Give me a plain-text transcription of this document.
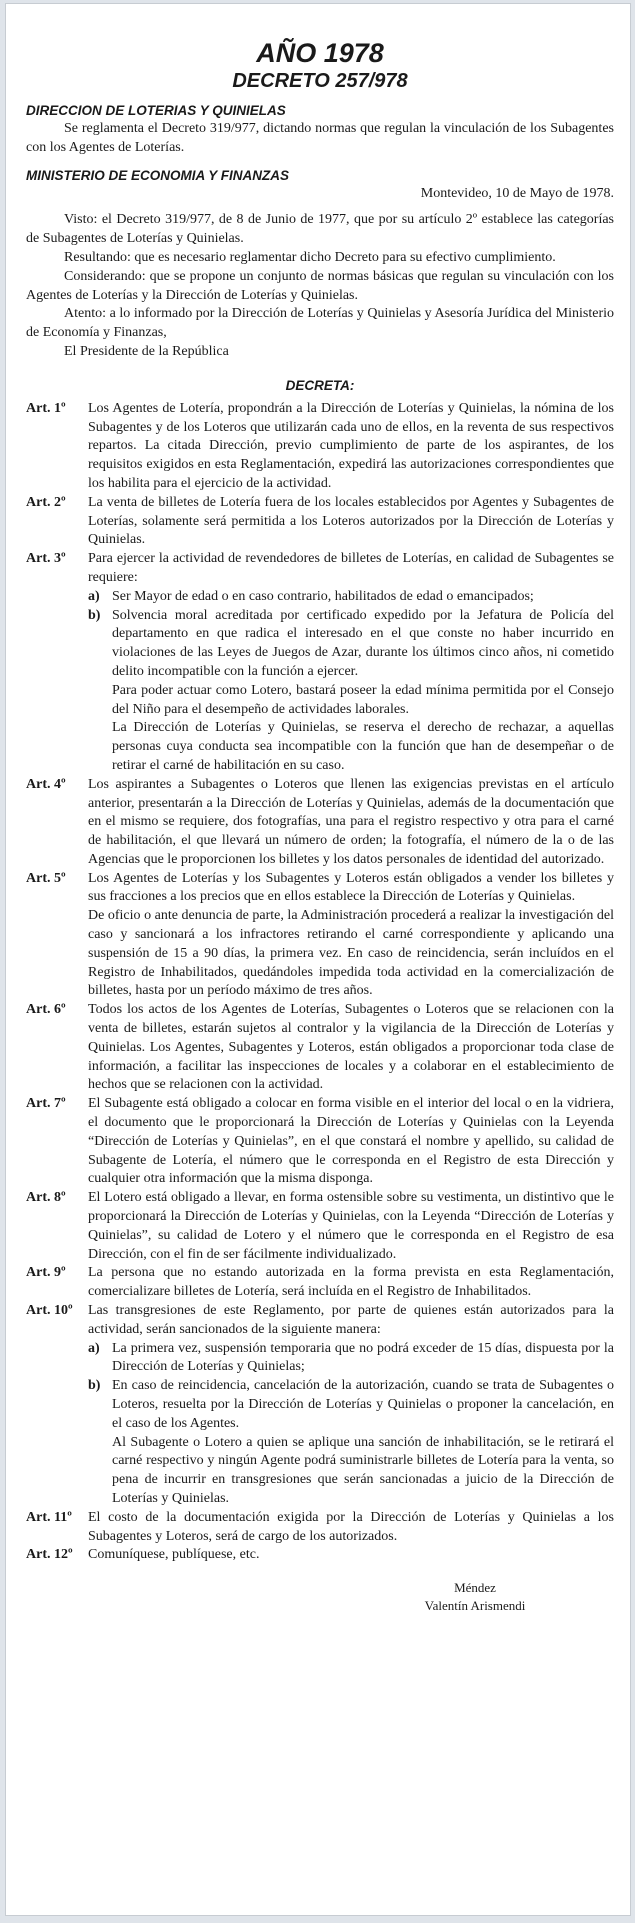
AÑO 1978
DECRETO 257/978
DIRECCION DE LOTERIAS Y QUINIELAS

Se reglamenta el Decreto 319/977, dictando normas que regulan la vinculación de los Subagentes con los Agentes de Loterías.

MINISTERIO DE ECONOMIA Y FINANZAS

Montevideo, 10 de Mayo de 1978.

Visto: el Decreto 319/977, de 8 de Junio de 1977, que por su artículo 2º establece las categorías de Subagentes de Loterías y Quinielas.

Resultando: que es necesario reglamentar dicho Decreto para su efectivo cumplimiento.

Considerando: que se propone un conjunto de normas básicas que regulan su vinculación con los Agentes de Loterías y la Dirección de Loterías y Quinielas.

Atento: a lo informado por la Dirección de Loterías y Quinielas y Asesoría Jurídica del Ministerio de Economía y Finanzas,

El Presidente de la República

DECRETA:
Art. 1º	Los Agentes de Lotería, propondrán a la Dirección de Loterías y Quinielas, la nómina de los Subagentes y de los Loteros que utilizarán cada uno de ellos, en la reventa de sus respectivos repartos. La citada Dirección, previo cumplimiento de parte de los aspirantes, de los requisitos exigidos en esta Reglamentación, expedirá las autorizaciones correspondientes que los habilita para el ejercicio de la actividad.

Art. 2º	La venta de billetes de Lotería fuera de los locales establecidos por Agentes y Subagentes de Loterías, solamente será permitida a los Loteros autorizados por la Dirección de Loterías y Quinielas.

Art. 3º	Para ejercer la actividad de revendedores de billetes de Loterías, en calidad de Subagentes se requiere:

a) Ser Mayor de edad o en caso contrario, habilitados de edad o emancipados;

b) Solvencia moral acreditada por certificado expedido por la Jefatura de Policía del departamento en que radica el interesado en el que conste no haber incurrido en violaciones de las Leyes de Juegos de Azar, durante los últimos cinco años, ni cometido delito incompatible con la función a ejercer.

Para poder actuar como Lotero, bastará poseer la edad mínima permitida por el Consejo del Niño para el desempeño de actividades laborales.

La Dirección de Loterías y Quinielas, se reserva el derecho de rechazar, a aquellas personas cuya conducta sea incompatible con la función que han de desempeñar o de retirar el carné de habilitación en su caso.

Art. 4º	Los aspirantes a Subagentes o Loteros que llenen las exigencias previstas en el artículo anterior, presentarán a la Dirección de Loterías y Quinielas, además de la documentación que en el mismo se requiere, dos fotografías, una para el registro respectivo y otra para el carné de habilitación, el que llevará un número de orden; la fotografía, el número de la o de las Agencias que le proporcionen los billetes y los datos personales de identidad del autorizado.

Art. 5º	Los Agentes de Loterías y los Subagentes y Loteros están obligados a vender los billetes y sus fracciones a los precios que en ellos establece la Dirección de Loterías y Quinielas.

De oficio o ante denuncia de parte, la Administración procederá a realizar la investigación del caso y sancionará a los infractores retirando el carné correspondiente y aplicando una suspensión de 15 a 90 días, la primera vez. En caso de reincidencia, serán incluídos en el Registro de Inhabilitados, quedándoles impedida toda actividad en la comercialización de billetes, hasta por un período máximo de tres años.

Art. 6º	Todos los actos de los Agentes de Loterías, Subagentes o Loteros que se relacionen con la venta de billetes, estarán sujetos al contralor y la vigilancia de la Dirección de Loterías y Quinielas. Los Agentes, Subagentes y Loteros, están obligados a proporcionar toda clase de información, a facilitar las inspecciones de locales y a colaborar en el establecimiento de hechos que se relacionen con la actividad.

Art. 7º	El Subagente está obligado a colocar en forma visible en el interior del local o en la vidriera, el documento que le proporcionará la Dirección de Loterías y Quinielas con la Leyenda “Dirección de Loterías y Quinielas”, en el que constará el nombre y apellido, su calidad de Subagente de Lotería, el número que le corresponda en el Registro de esta Dirección y cualquier otra información que la misma disponga.

Art. 8º	El Lotero está obligado a llevar, en forma ostensible sobre su vestimenta, un distintivo que le proporcionará la Dirección de Loterías y Quinielas, con la Leyenda “Dirección de Loterías y Quinielas”, su calidad de Lotero y el número que le corresponda en el Registro de esa Dirección, con el fin de ser fácilmente individualizado.

Art. 9º	La persona que no estando autorizada en la forma prevista en esta Reglamentación, comercializare billetes de Lotería, será incluída en el Registro de Inhabilitados.

Art. 10º	Las transgresiones de este Reglamento, por parte de quienes están autorizados para la actividad, serán sancionados de la siguiente manera:

a) La primera vez, suspensión temporaria que no podrá exceder de 15 días, dispuesta por la Dirección de Loterías y Quinielas;

b) En caso de reincidencia, cancelación de la autorización, cuando se trata de Subagentes o Loteros, resuelta por la Dirección de Loterías y Quinielas o proponer la cancelación, en el caso de los Agentes.

Al Subagente o Lotero a quien se aplique una sanción de inhabilitación, se le retirará el carné respectivo y ningún Agente podrá suministrarle billetes de Lotería para la venta, so pena de incurrir en transgresiones que serán sancionadas a juicio de la Dirección de Loterías y Quinielas.

Art. 11º	El costo de la documentación exigida por la Dirección de Loterías y Quinielas a los Subagentes y Loteros, será de cargo de los autorizados.

Art. 12º	Comuníquese, publíquese, etc.

Méndez

Valentín Arismendi
